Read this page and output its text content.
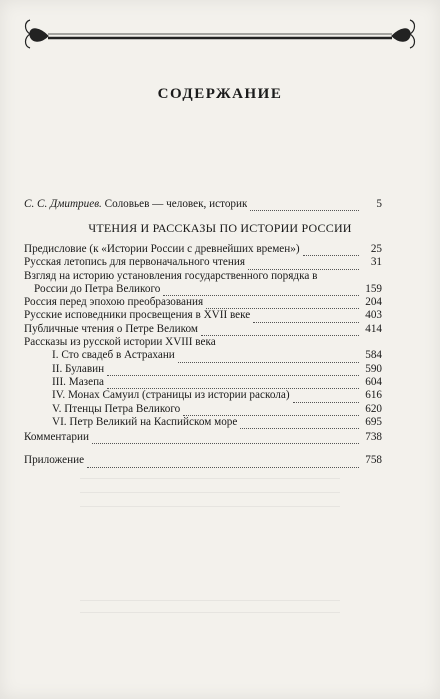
СОДЕРЖАНИЕ
С. С. Дмитриев. Соловьев — человек, историк	5
ЧТЕНИЯ И РАССКАЗЫ ПО ИСТОРИИ РОССИИ
Предисловие (к «Истории России с древнейших времен»)	25
Русская летопись для первоначального чтения	31
Взгляд на историю установления государственного порядка в
России до Петра Великого	159
Россия перед эпохою преобразования	204
Русские исповедники просвещения в XVII веке	403
Публичные чтения о Петре Великом	414
Рассказы из русской истории XVIII века
I. Сто свадеб в Астрахани	584
II. Булавин	590
III. Мазепа	604
IV. Монах Самуил (страницы из истории раскола)	616
V. Птенцы Петра Великого	620
VI. Петр Великий на Каспийском море	695
Комментарии	738
Приложение	758
